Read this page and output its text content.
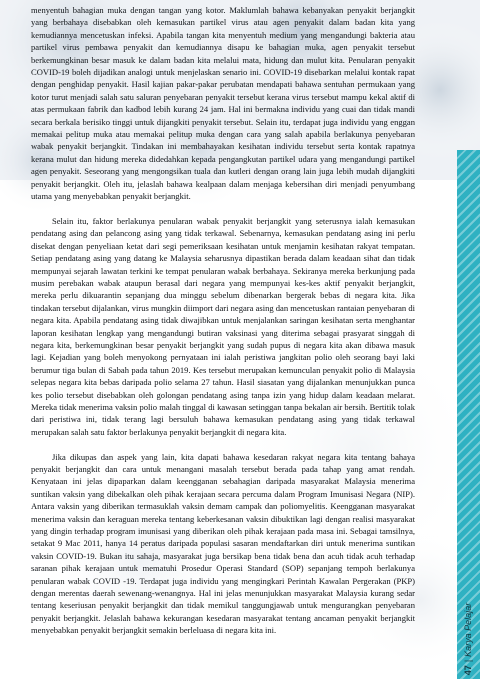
menyentuh bahagian muka dengan tangan yang kotor. Maklumlah bahawa kebanyakan penyakit berjangkit yang berbahaya disebabkan oleh kemasukan partikel virus atau agen penyakit dalam badan kita yang kemudiannya mencetuskan infeksi. Apabila tangan kita menyentuh medium yang mengandungi bakteria atau partikel virus pembawa penyakit dan kemudiannya disapu ke bahagian muka, agen penyakit tersebut berkemungkinan besar masuk ke dalam badan kita melalui mata, hidung dan mulut kita. Penularan penyakit COVID-19 boleh dijadikan analogi untuk menjelaskan senario ini. COVID-19 disebarkan melalui kontak rapat dengan penghidap penyakit. Hasil kajian pakar-pakar perubatan mendapati bahawa sentuhan permukaan yang kotor turut menjadi salah satu saluran penyebaran penyakit tersebut kerana virus tersebut mampu kekal aktif di atas permukaan fabrik dan kadbod lebih kurang 24 jam. Hal ini bermakna individu yang cuai dan tidak mandi secara berkala berisiko tinggi untuk dijangkiti penyakit tersebut. Selain itu, terdapat juga individu yang enggan memakai pelitup muka atau memakai pelitup muka dengan cara yang salah apabila berlakunya penyebaran wabak penyakit berjangkit. Tindakan ini membahayakan kesihatan individu tersebut serta kontak rapatnya kerana mulut dan hidung mereka didedahkan kepada pengangkutan partikel udara yang mengandungi partikel agen penyakit. Seseorang yang mengongsikan tuala dan kutleri dengan orang lain juga lebih mudah dijangkiti penyakit berjangkit. Oleh itu, jelaslah bahawa kealpaan dalam menjaga kebersihan diri menjadi penyumbang utama yang menyebabkan penyakit berjangkit.

Selain itu, faktor berlakunya penularan wabak penyakit berjangkit yang seterusnya ialah kemasukan pendatang asing dan pelancong asing yang tidak terkawal. Sebenarnya, kemasukan pendatang asing ini perlu disekat dengan penyeliaan ketat dari segi pemeriksaan kesihatan untuk menjamin kesihatan rakyat tempatan. Setiap pendatang asing yang datang ke Malaysia seharusnya dipastikan berada dalam keadaan sihat dan tidak mempunyai sejarah lawatan terkini ke tempat penularan wabak berbahaya. Sekiranya mereka berkunjung pada musim perebakan wabak ataupun berasal dari negara yang mempunyai kes-kes aktif penyakit berjangkit, mereka perlu dikuarantin sepanjang dua minggu sebelum dibenarkan bergerak bebas di negara kita. Jika tindakan tersebut dijalankan, virus mungkin diimport dari negara asing dan mencetuskan rantaian penyebaran di negara kita. Apabila pendatang asing tidak diwajibkan untuk menjalankan saringan kesihatan serta menghantar laporan kesihatan lengkap yang mengandungi butiran vaksinasi yang diterima sebagai prasyarat singgah di negara kita, berkemungkinan besar penyakit berjangkit yang sudah pupus di negara kita akan dibawa masuk lagi. Kejadian yang boleh menyokong pernyataan ini ialah peristiwa jangkitan polio oleh seorang bayi laki berumur tiga bulan di Sabah pada tahun 2019. Kes tersebut merupakan kemunculan penyakit polio di Malaysia selepas negara kita bebas daripada polio selama 27 tahun. Hasil siasatan yang dijalankan menunjukkan punca kes polio tersebut disebabkan oleh golongan pendatang asing tanpa izin yang hidup dalam keadaan melarat. Mereka tidak menerima vaksin polio malah tinggal di kawasan setinggan tanpa bekalan air bersih. Bertitik tolak dari peristiwa ini, tidak terang lagi bersuluh bahawa kemasukan pendatang asing yang tidak terkawal merupakan salah satu faktor berlakunya penyakit berjangkit di negara kita.

Jika dikupas dan aspek yang lain, kita dapati bahawa kesedaran rakyat negara kita tentang bahaya penyakit berjangkit dan cara untuk menangani masalah tersebut berada pada tahap yang amat rendah. Kenyataan ini jelas dipaparkan dalam keengganan sebahagian daripada masyarakat Malaysia menerima suntikan vaksin yang dibekalkan oleh pihak kerajaan secara percuma dalam Program Imunisasi Negara (NIP). Antara vaksin yang diberikan termasuklah vaksin demam campak dan poliomyelitis. Keengganan masyarakat menerima vaksin dan keraguan mereka tentang keberkesanan vaksin dibuktikan lagi dengan realisi masyarakat yang dingin terhadap program imunisasi yang diberikan oleh pihak kerajaan pada masa ini. Sebagai tamsilnya, setakat 9 Mac 2011, hanya 14 peratus daripada populasi sasaran mendaftarkan diri untuk menerima suntikan vaksin COVID-19. Bukan itu sahaja, masyarakat juga bersikap bena tidak bena dan acuh tidak acuh terhadap saranan pihak kerajaan untuk mematuhi Prosedur Operasi Standard (SOP) sepanjang tempoh berlakunya penularan wabak COVID -19. Terdapat juga individu yang mengingkari Perintah Kawalan Pergerakan (PKP) dengan merentas daerah sewenang-wenangnya. Hal ini jelas menunjukkan masyarakat Malaysia kurang sedar tentang keseriusan penyakit berjangkit dan tidak memikul tanggungjawab untuk mengurangkan penyebaran penyakit berjangkit. Jelaslah bahawa kekurangan kesedaran masyarakat tentang ancaman penyakit berjangkit menyebabkan penyakit berjangkit semakin berleluasa di negara kita ini.

47|Karya Pelajar
